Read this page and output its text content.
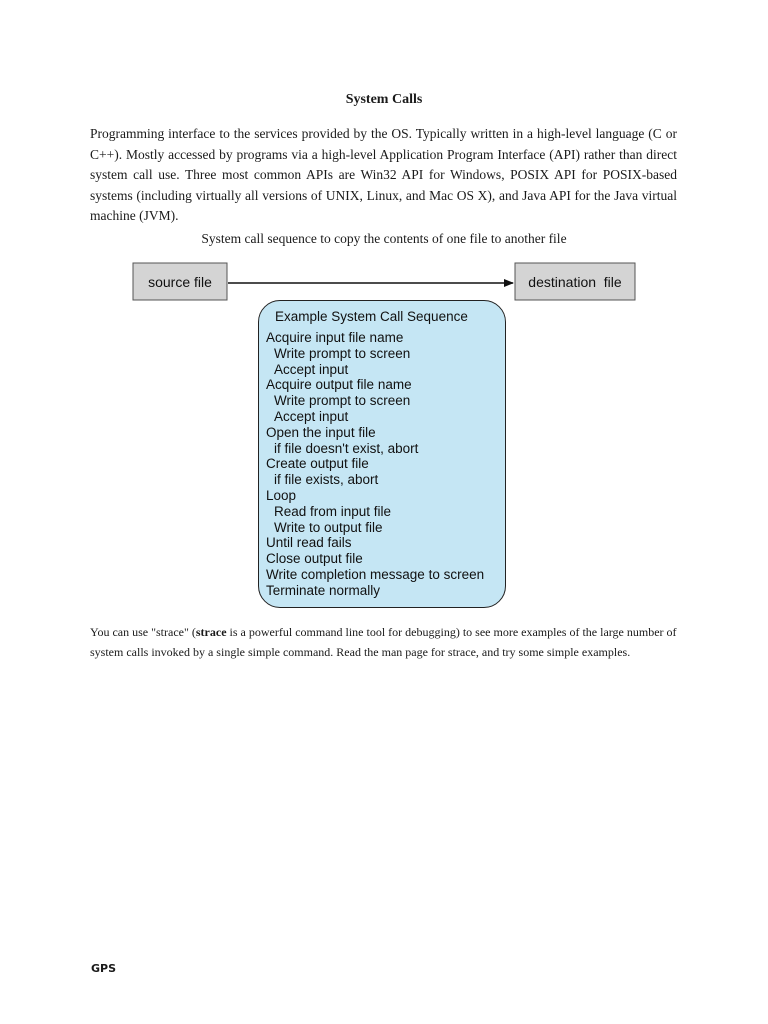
System Calls

Programming interface to the services provided by the OS. Typically written in a high-level language (C or C++). Mostly accessed by programs via a high-level Application Program Interface (API) rather than direct system call use. Three most common APIs are Win32 API for Windows, POSIX API for POSIX-based systems (including virtually all versions of UNIX, Linux, and Mac OS X), and Java API for the Java virtual machine (JVM).

System call sequence to copy the contents of one file to another file
source file	destination  file
Example System Call Sequence
Acquire input file name
Write prompt to screen
Accept input
Acquire output file name
Write prompt to screen
Accept input
Open the input file
if file doesn't exist, abort
Create output file
if file exists, abort
Loop
Read from input file
Write to output file
Until read fails
Close output file
Write completion message to screen
Terminate normally

You can use "strace" (strace is a powerful command line tool for debugging) to see more examples of the large number of system calls invoked by a single simple command. Read the man page for strace, and try some simple examples.

GPS
